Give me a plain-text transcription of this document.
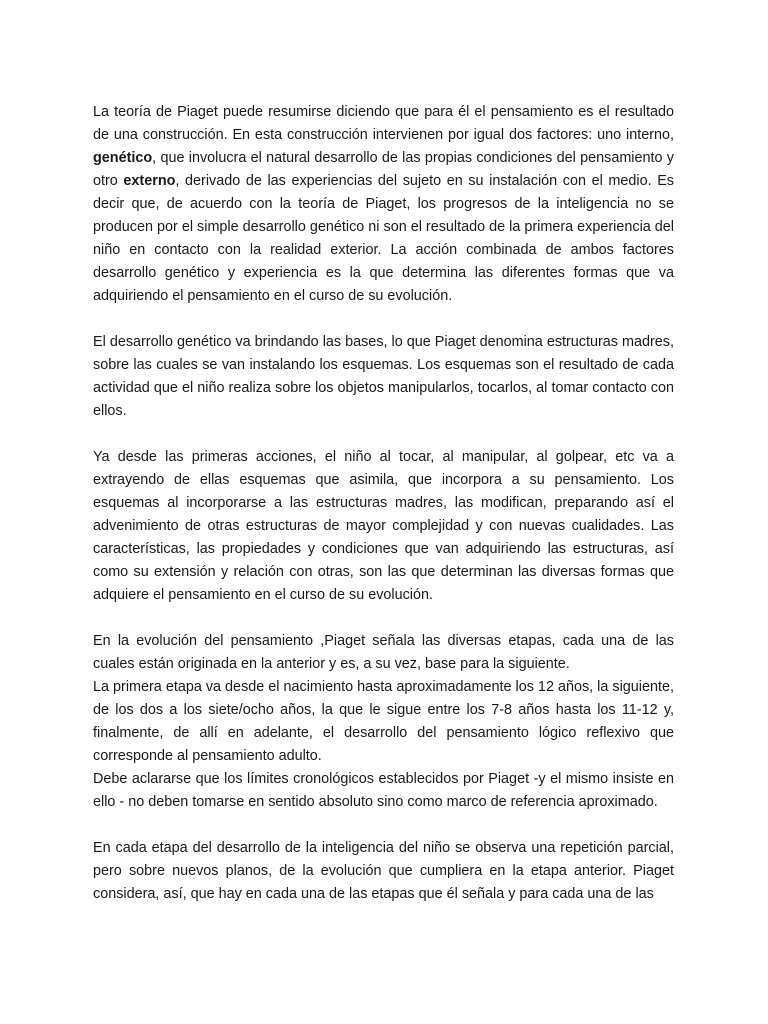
La teoría de Piaget puede resumirse diciendo que para él el pensamiento es el resultado de una construcción. En esta construcción intervienen por igual dos factores: uno interno, genético, que involucra el natural desarrollo de las propias condiciones del pensamiento y otro externo, derivado de las experiencias del sujeto en su instalación con el medio. Es decir que, de acuerdo con la teoría de Piaget, los progresos de la inteligencia no se producen por el simple desarrollo genético ni son el resultado de la primera experiencia del niño en contacto con la realidad exterior. La acción combinada de ambos factores desarrollo genético y experiencia es la que determina las diferentes formas que va adquiriendo el pensamiento en el curso de su evolución.

El desarrollo genético va brindando las bases, lo que Piaget denomina estructuras madres, sobre las cuales se van instalando los esquemas. Los esquemas son el resultado de cada actividad que el niño realiza sobre los objetos manipularlos, tocarlos, al tomar contacto con ellos.

Ya desde las primeras acciones, el niño al tocar, al manipular, al golpear, etc va a extrayendo de ellas esquemas que asimila, que incorpora a su pensamiento. Los esquemas al incorporarse a las estructuras madres, las modifican, preparando así el advenimiento de otras estructuras de mayor complejidad y con nuevas cualidades. Las características, las propiedades y condiciones que van adquiriendo las estructuras, así como su extensión y relación con otras, son las que determinan las diversas formas que adquiere el pensamiento en el curso de su evolución.

En la evolución del pensamiento ,Piaget señala las diversas etapas, cada una de las cuales están originada en la anterior y es, a su vez, base para la siguiente.

La primera etapa va desde el nacimiento hasta aproximadamente los 12 años, la siguiente, de los dos a los siete/ocho años, la que le sigue entre los 7-8 años hasta los 11-12 y, finalmente, de allí en adelante, el desarrollo del pensamiento lógico reflexivo que corresponde al pensamiento adulto.

Debe aclararse que los límites cronológicos establecidos por Piaget -y el mismo insiste en ello - no deben tomarse en sentido absoluto sino como marco de referencia aproximado.

En cada etapa del desarrollo de la inteligencia del niño se observa una repetición parcial, pero sobre nuevos planos, de la evolución que cumpliera en la etapa anterior. Piaget considera, así, que hay en cada una de las etapas que él señala y para cada una de las
